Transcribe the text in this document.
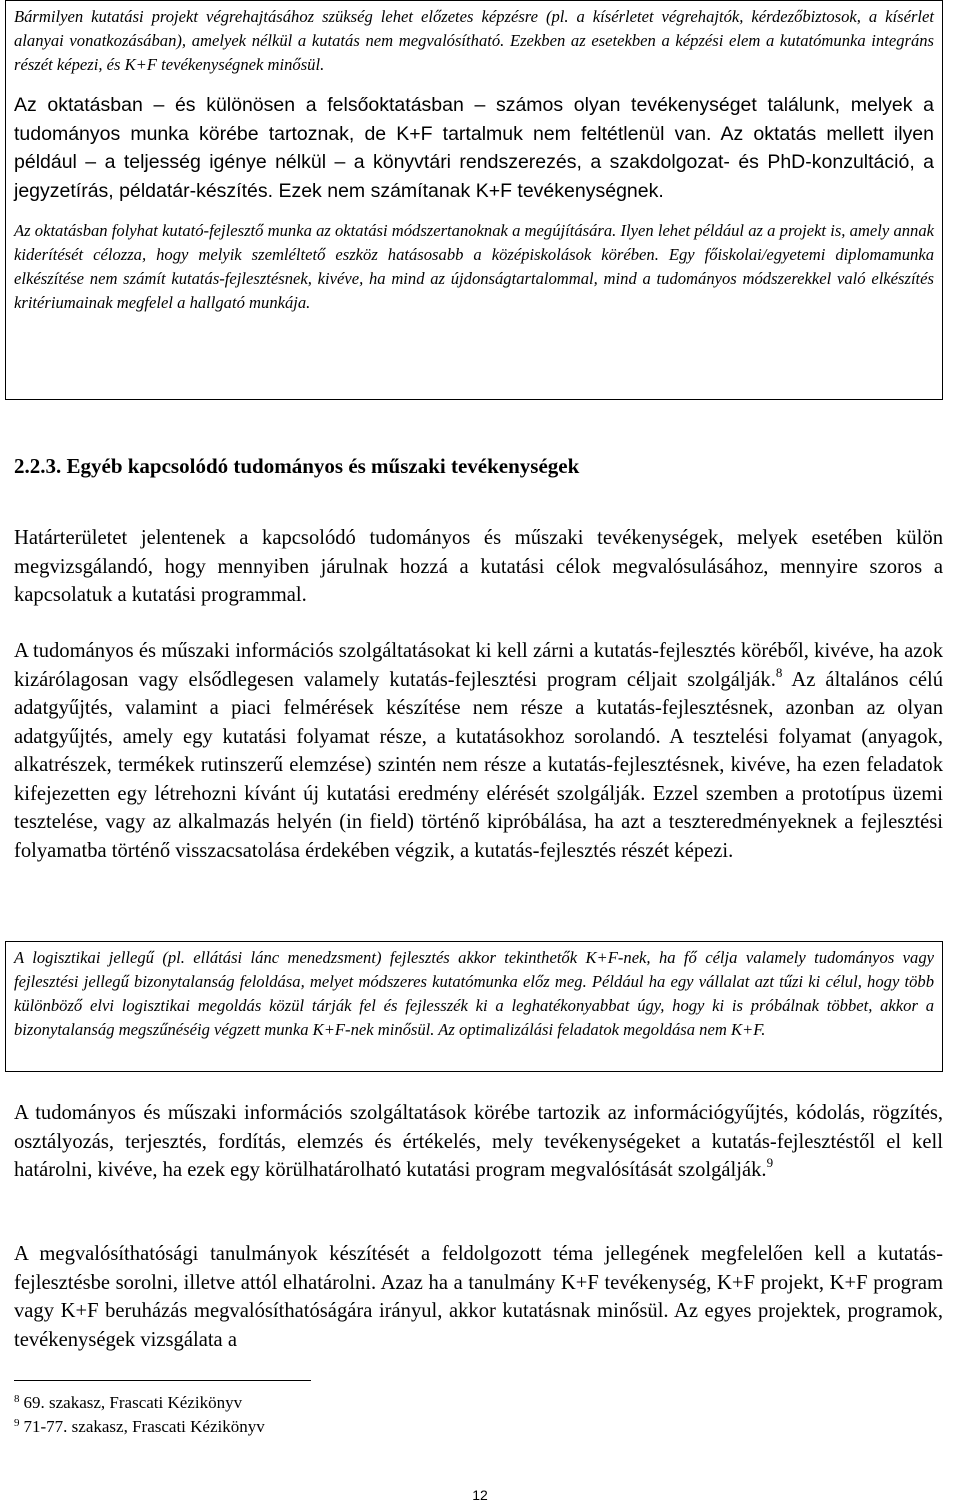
Bármilyen kutatási projekt végrehajtásához szükség lehet előzetes képzésre (pl. a kísérletet végrehajtók, kérdezőbiztosok, a kísérlet alanyai vonatkozásában), amelyek nélkül a kutatás nem megvalósítható. Ezekben az esetekben a képzési elem a kutatómunka integráns részét képezi, és K+F tevékenységnek minősül.

Az oktatásban – és különösen a felsőoktatásban – számos olyan tevékenységet találunk, melyek a tudományos munka körébe tartoznak, de K+F tartalmuk nem feltétlenül van. Az oktatás mellett ilyen például – a teljesség igénye nélkül – a könyvtári rendszerezés, a szakdolgozat- és PhD-konzultáció, a jegyzetírás, példatár-készítés. Ezek nem számítanak K+F tevékenységnek.

Az oktatásban folyhat kutató-fejlesztő munka az oktatási módszertanoknak a megújítására. Ilyen lehet például az a projekt is, amely annak kiderítését célozza, hogy melyik szemléltető eszköz hatásosabb a középiskolások körében. Egy főiskolai/egyetemi diplomamunka elkészítése nem számít kutatás-fejlesztésnek, kivéve, ha mind az újdonságtartalommal, mind a tudományos módszerekkel való elkészítés kritériumainak megfelel a hallgató munkája.

2.2.3. Egyéb kapcsolódó tudományos és műszaki tevékenységek

Határterületet jelentenek a kapcsolódó tudományos és műszaki tevékenységek, melyek esetében külön megvizsgálandó, hogy mennyiben járulnak hozzá a kutatási célok megvalósulásához, mennyire szoros a kapcsolatuk a kutatási programmal.

A tudományos és műszaki információs szolgáltatásokat ki kell zárni a kutatás-fejlesztés köréből, kivéve, ha azok kizárólagosan vagy elsődlegesen valamely kutatás-fejlesztési program céljait szolgálják.$^8$ Az általános célú adatgyűjtés, valamint a piaci felmérések készítése nem része a kutatás-fejlesztésnek, azonban az olyan adatgyűjtés, amely egy kutatási folyamat része, a kutatásokhoz sorolandó. A tesztelési folyamat (anyagok, alkatrészek, termékek rutinszerű elemzése) szintén nem része a kutatás-fejlesztésnek, kivéve, ha ezen feladatok kifejezetten egy létrehozni kívánt új kutatási eredmény elérését szolgálják. Ezzel szemben a prototípus üzemi tesztelése, vagy az alkalmazás helyén (in field) történő kipróbálása, ha azt a teszteredményeknek a fejlesztési folyamatba történő visszacsatolása érdekében végzik, a kutatás-fejlesztés részét képezi.

A logisztikai jellegű (pl. ellátási lánc menedzsment) fejlesztés akkor tekinthetők K+F-nek, ha fő célja valamely tudományos vagy fejlesztési jellegű bizonytalanság feloldása, melyet módszeres kutatómunka előz meg. Például ha egy vállalat azt tűzi ki célul, hogy több különböző elvi logisztikai megoldás közül tárják fel és fejlesszék ki a leghatékonyabbat úgy, hogy ki is próbálnak többet, akkor a bizonytalanság megszűnéséig végzett munka K+F-nek minősül. Az optimalizálási feladatok megoldása nem K+F.

A tudományos és műszaki információs szolgáltatások körébe tartozik az információgyűjtés, kódolás, rögzítés, osztályozás, terjesztés, fordítás, elemzés és értékelés, mely tevékenységeket a kutatás-fejlesztéstől el kell határolni, kivéve, ha ezek egy körülhatárolható kutatási program megvalósítását szolgálják.$^9$

A megvalósíthatósági tanulmányok készítését a feldolgozott téma jellegének megfelelően kell a kutatás-fejlesztésbe sorolni, illetve attól elhatárolni. Azaz ha a tanulmány K+F tevékenység, K+F projekt, K+F program vagy K+F beruházás megvalósíthatóságára irányul, akkor kutatásnak minősül. Az egyes projektek, programok, tevékenységek vizsgálata a

$^8$ 69. szakasz, Frascati Kézikönyv

$^9$ 71-77. szakasz, Frascati Kézikönyv

12
